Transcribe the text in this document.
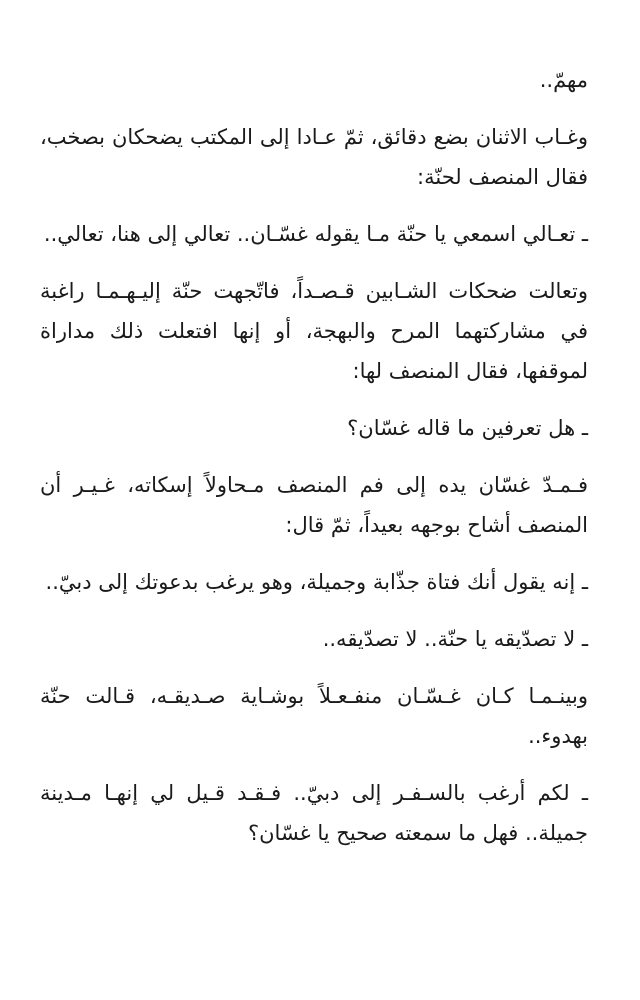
مهمّ..

وغـاب الاثنان بضع دقائق، ثمّ عـادا إلى المكتب يضحكان بصخب، فقال المنصف لحنّة:

ـ تعـالي اسمعي يا حنّة مـا يقوله غسّـان.. تعالي إلى هنا، تعالي..

وتعالت ضحكات الشـابين قـصـداً، فاتّجهت حنّة إليـهـمـا راغبة في مشاركتهما المرح والبهجة، أو إنها افتعلت ذلك مداراة لموقفها، فقال المنصف لها:

ـ هل تعرفين ما قاله غسّان؟

فـمـدّ غسّان يده إلى فم المنصف مـحاولاً إسكاته، غـيـر أن المنصف أشاح بوجهه بعيداً، ثمّ قال:

ـ إنه يقول أنك فتاة جذّابة وجميلة، وهو يرغب بدعوتك إلى دبيّ..

ـ لا تصدّيقه يا حنّة.. لا تصدّيقه..

وبينـمـا كـان غـسّـان منفـعـلاً بوشـاية صـديقـه، قـالت حنّة بهدوء..

ـ لكم أرغب بالسـفـر إلى دبيّ.. فـقـد قـيل لي إنهـا مـدينة جميلة.. فهل ما سمعته صحيح يا غسّان؟
